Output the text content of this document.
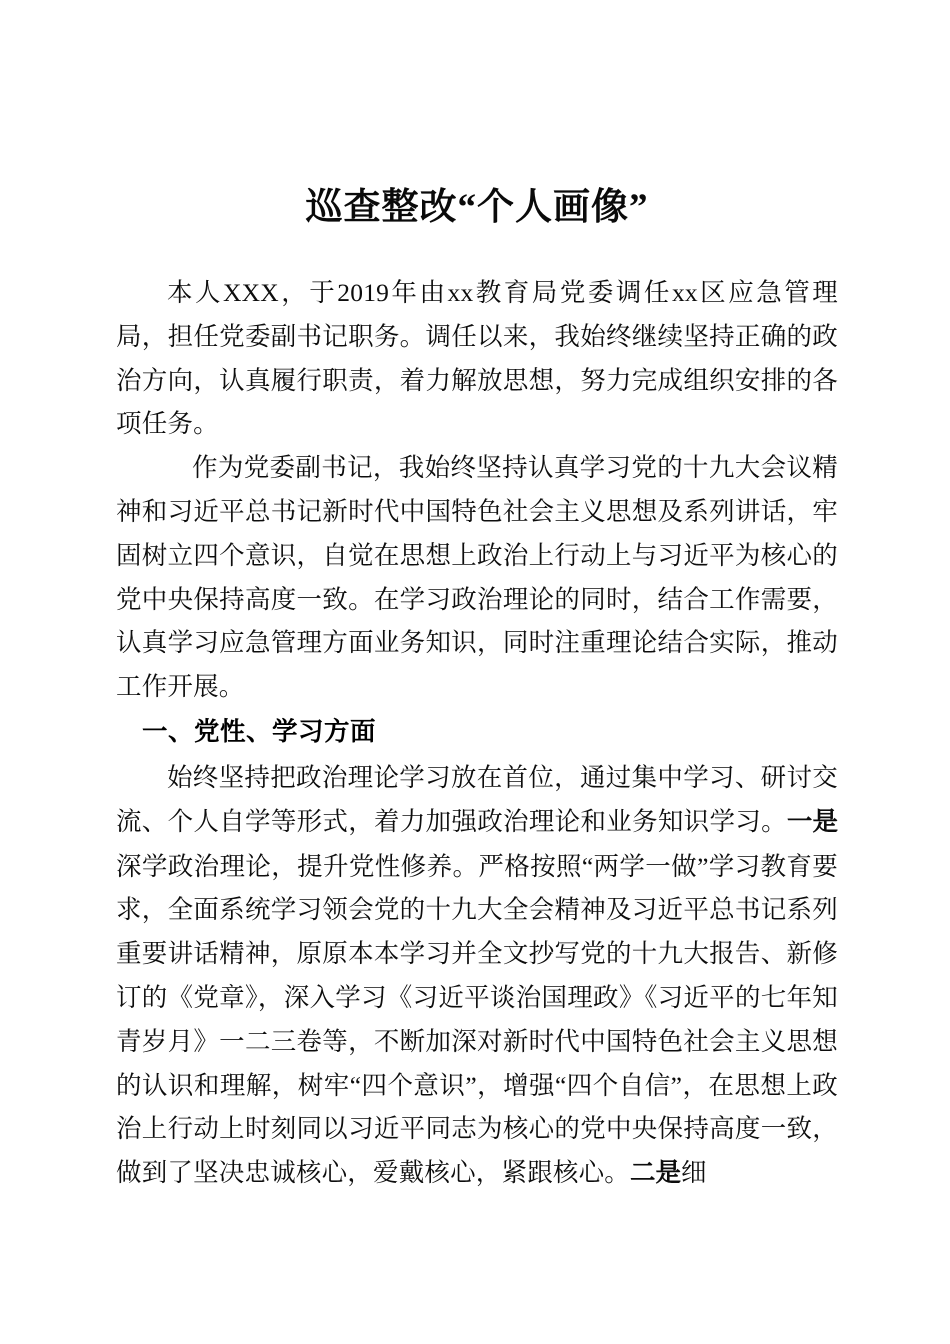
巡查整改“个人画像”

本人XXX，于2019年由xx教育局党委调任xx区应急管理局，担任党委副书记职务。调任以来，我始终继续坚持正确的政治方向，认真履行职责，着力解放思想，努力完成组织安排的各项任务。

作为党委副书记，我始终坚持认真学习党的十九大会议精神和习近平总书记新时代中国特色社会主义思想及系列讲话，牢固树立四个意识，自觉在思想上政治上行动上与习近平为核心的党中央保持高度一致。在学习政治理论的同时，结合工作需要，认真学习应急管理方面业务知识，同时注重理论结合实际，推动工作开展。

一、党性、学习方面

始终坚持把政治理论学习放在首位，通过集中学习、研讨交流、个人自学等形式，着力加强政治理论和业务知识学习。一是深学政治理论，提升党性修养。严格按照“两学一做”学习教育要求，全面系统学习领会党的十九大全会精神及习近平总书记系列重要讲话精神，原原本本学习并全文抄写党的十九大报告、新修订的《党章》，深入学习《习近平谈治国理政》《习近平的七年知青岁月》一二三卷等，不断加深对新时代中国特色社会主义思想的认识和理解，树牢“四个意识”，增强“四个自信”，在思想上政治上行动上时刻同以习近平同志为核心的党中央保持高度一致，做到了坚决忠诚核心，爱戴核心，紧跟核心。二是细
